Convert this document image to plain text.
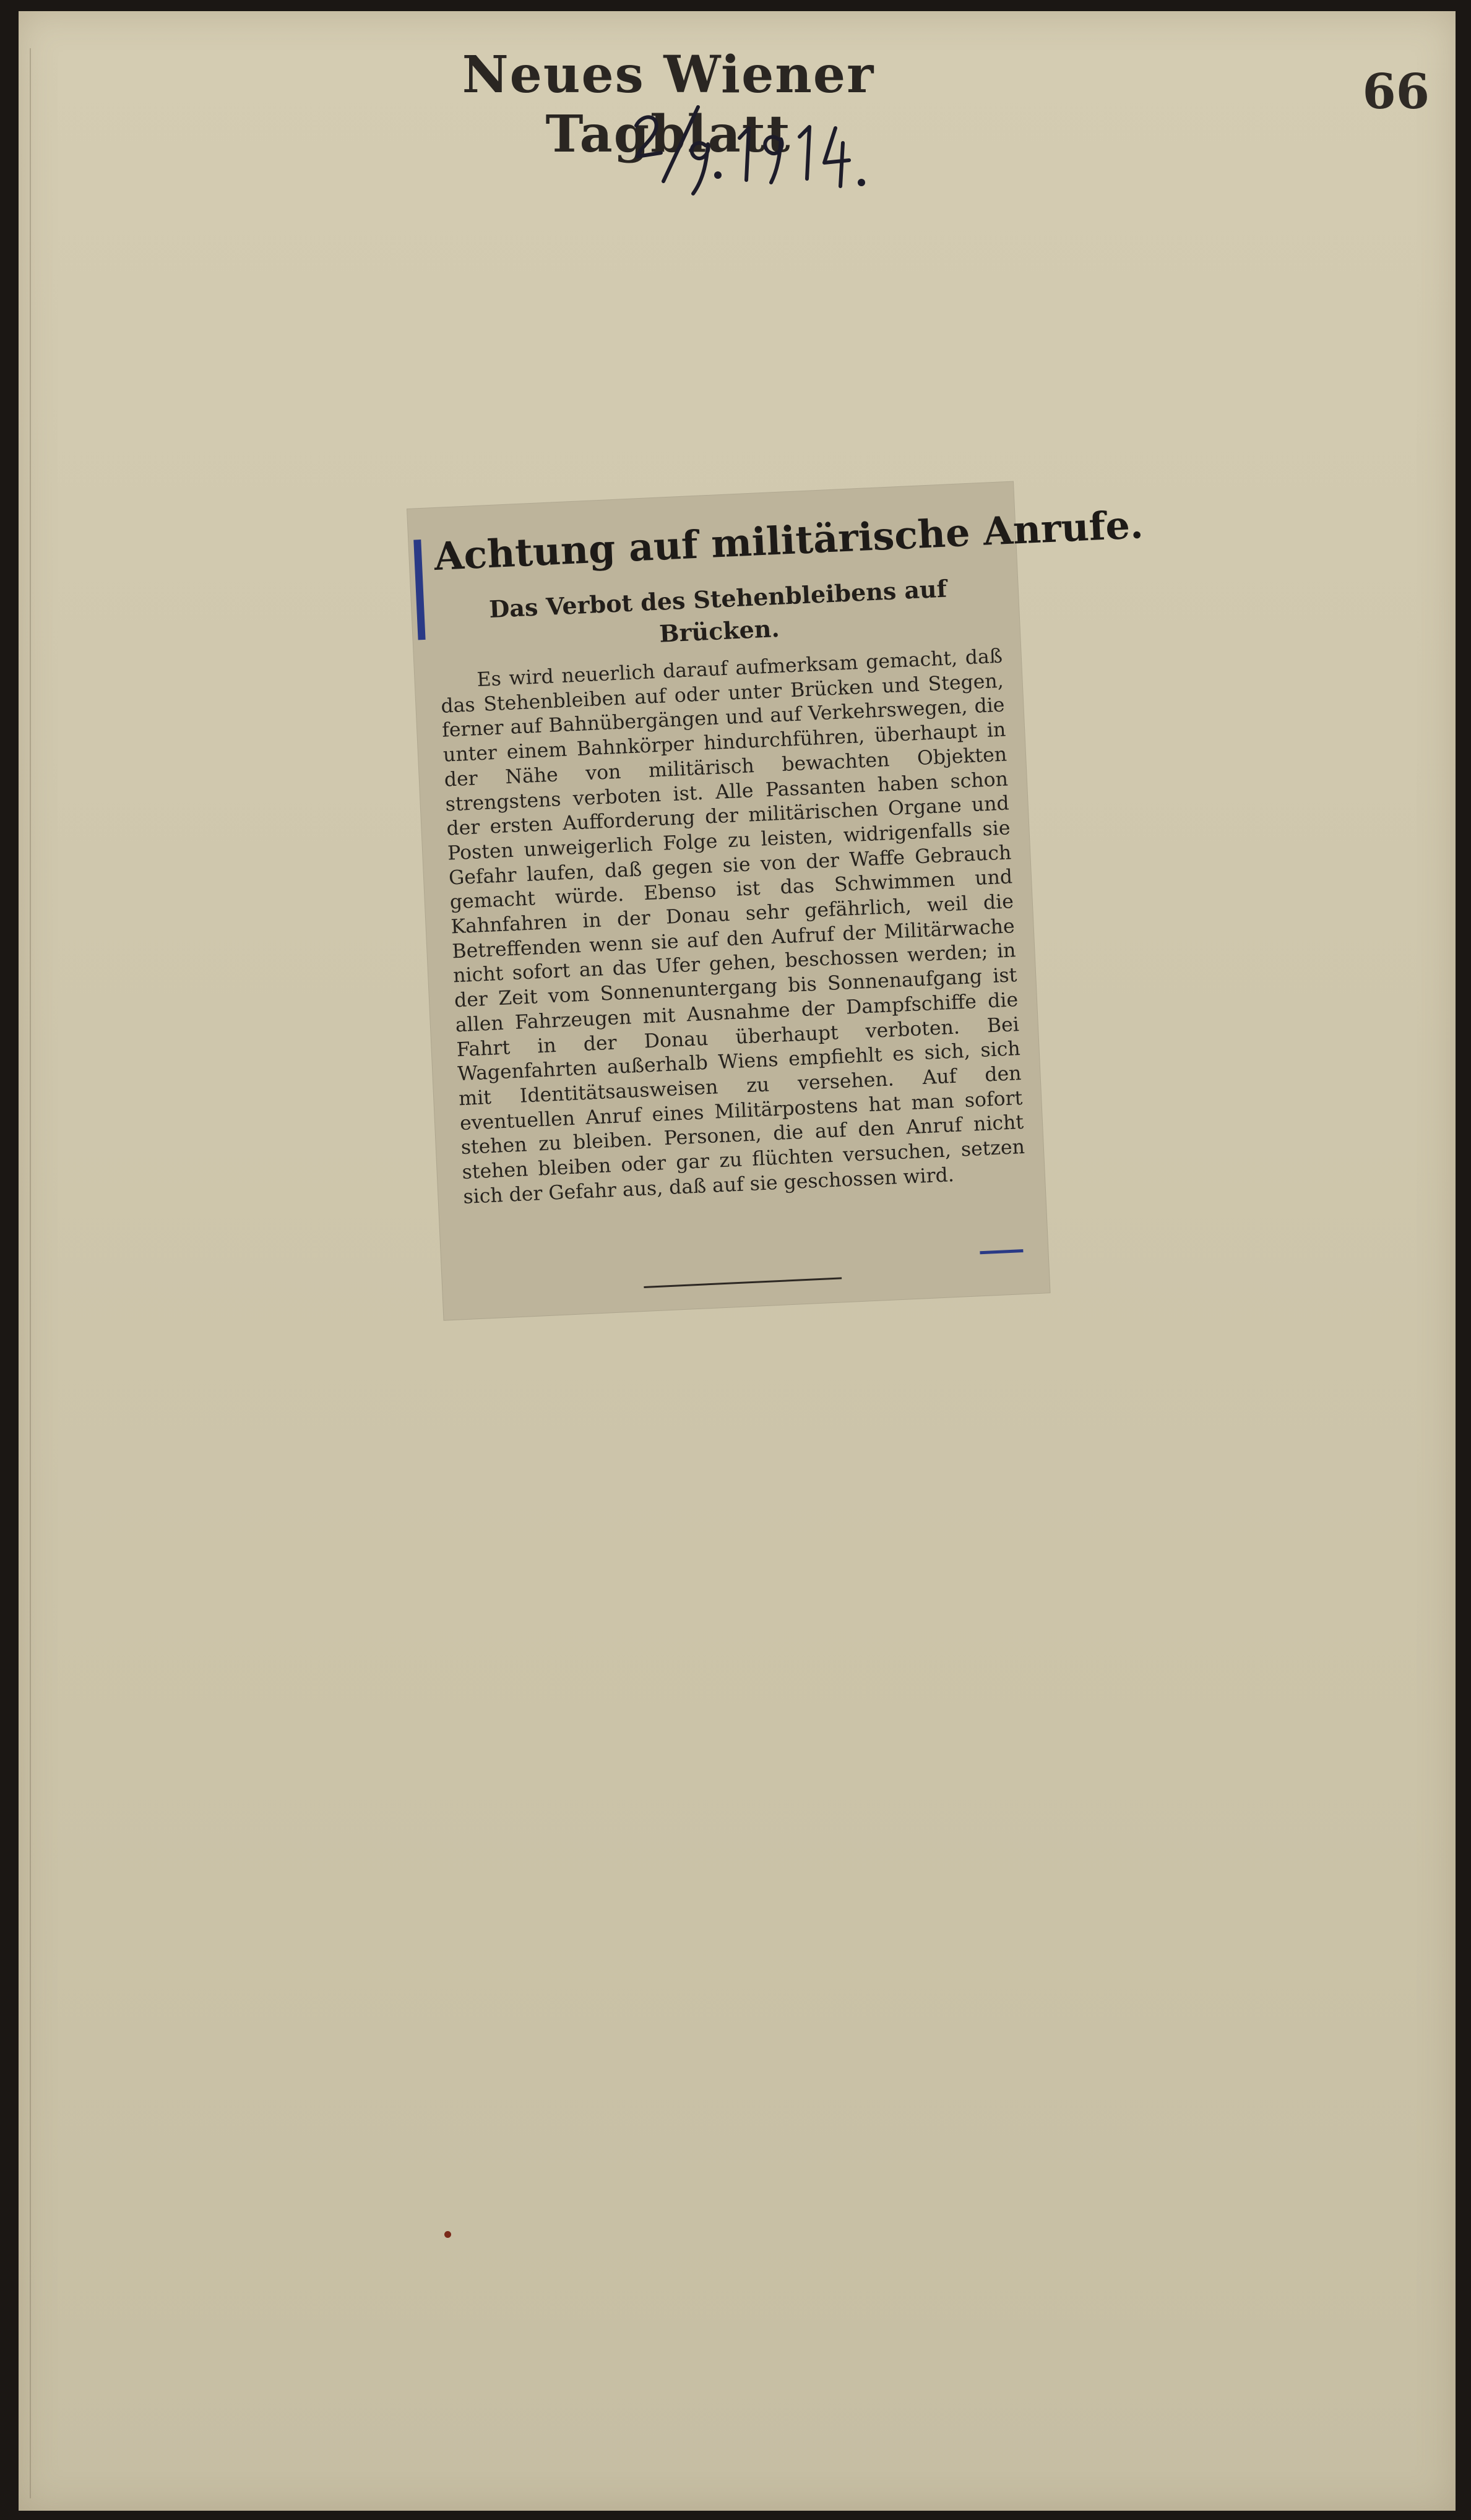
Neues Wiener Tagblatt
66
Achtung auf militärische Anrufe.
Das Verbot des Stehenbleibens auf Brücken.
Es wird neuerlich darauf aufmerksam gemacht, daß das Stehenbleiben auf oder unter Brücken und Stegen, ferner auf Bahnübergängen und auf Verkehrswegen, die unter einem Bahnkörper hindurchführen, überhaupt in der Nähe von militärisch bewachten Objekten strengstens verboten ist. Alle Passanten haben schon der ersten Aufforderung der militärischen Organe und Posten unweigerlich Folge zu leisten, widrigenfalls sie Gefahr laufen, daß gegen sie von der Waffe Gebrauch gemacht würde. Ebenso ist das Schwimmen und Kahnfahren in der Donau sehr gefährlich, weil die Betreffenden wenn sie auf den Aufruf der Militärwache nicht sofort an das Ufer gehen, beschossen werden; in der Zeit vom Sonnenuntergang bis Sonnenaufgang ist allen Fahrzeugen mit Ausnahme der Dampfschiffe die Fahrt in der Donau überhaupt verboten. Bei Wagenfahrten außerhalb Wiens empfiehlt es sich, sich mit Identitätsausweisen zu versehen. Auf den eventuellen Anruf eines Militärpostens hat man sofort stehen zu bleiben. Personen, die auf den Anruf nicht stehen bleiben oder gar zu flüchten versuchen, setzen sich der Gefahr aus, daß auf sie geschossen wird.
